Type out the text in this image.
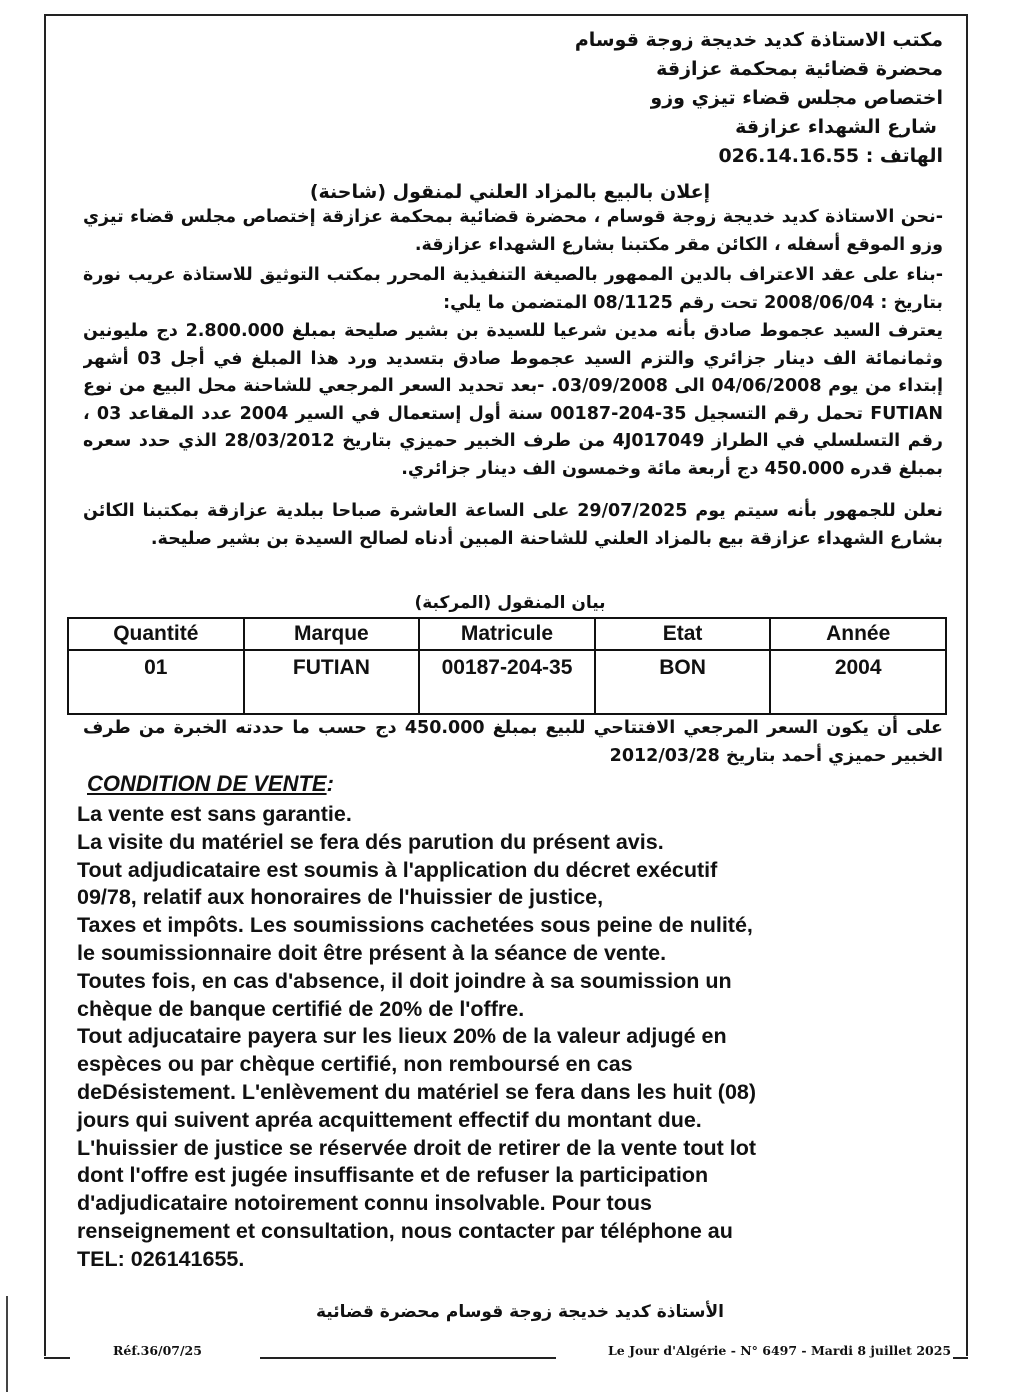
مكتب الاستاذة كديد خديجة زوجة قوسام
محضرة قضائية بمحكمة عزازقة
اختصاص مجلس قضاء تيزي وزو
شارع الشهداء عزازقة
الهاتف : 026.14.16.55
إعلان بالبيع بالمزاد العلني لمنقول (شاحنة)
-نحن الاستاذة كديد خديجة زوجة قوسام ، محضرة قضائية بمحكمة عزازقة إختصاص مجلس قضاء تيزي وزو الموقع أسفله ، الكائن مقر مكتبنا بشارع الشهداء عزازقة.
-بناء على عقد الاعتراف بالدين الممهور بالصيغة التنفيذية المحرر بمكتب التوثيق للاستاذة عريب نورة بتاريخ : 2008/06/04 تحت رقم 08/1125 المتضمن ما يلي:
يعترف السيد عجموط صادق بأنه مدين شرعيا للسيدة بن بشير صليحة بمبلغ 2.800.000 دج مليونين وثمانمائة الف دينار جزائري والتزم السيد عجموط صادق بتسديد ورد هذا المبلغ في أجل 03 أشهر إبتداء من يوم 04/06/2008 الى 03/09/2008. -بعد تحديد السعر المرجعي للشاحنة محل البيع من نوع FUTIAN تحمل رقم التسجيل 35-204-00187 سنة أول إستعمال في السير 2004 عدد المقاعد 03 ، رقم التسلسلي في الطراز 4J017049 من طرف الخبير حميزي بتاريخ 28/03/2012 الذي حدد سعره بمبلغ قدره 450.000 دج أربعة مائة وخمسون الف دينار جزائري.
نعلن للجمهور بأنه سيتم يوم 29/07/2025 على الساعة العاشرة صباحا ببلدية عزازقة بمكتبنا الكائن بشارع الشهداء عزازقة بيع بالمزاد العلني للشاحنة المبين أدناه لصالح السيدة بن بشير صليحة.
بيان المنقول (المركبة)
Quantité	Marque	Matricule	Etat	Année
01	FUTIAN	00187-204-35	BON	2004
على أن يكون السعر المرجعي الافتتاحي للبيع بمبلغ 450.000 دج حسب ما حددته الخبرة من طرف الخبير حميزي أحمد بتاريخ 2012/03/28
CONDITION DE VENTE:
La vente est sans garantie.
La visite du matériel se fera dés parution du présent avis.
Tout adjudicataire est soumis à l'application du décret exécutif
09/78, relatif aux honoraires de l'huissier de justice,
Taxes et impôts. Les soumissions cachetées sous peine de nulité,
le soumissionnaire doit être présent à la séance de vente.
Toutes fois, en cas d'absence, il doit joindre à sa soumission un
chèque de banque certifié de 20% de l'offre.
Tout adjucataire payera sur les lieux 20% de la valeur adjugé en
espèces ou par chèque certifié, non remboursé en cas
deDésistement. L'enlèvement du matériel se fera dans les huit (08)
jours qui suivent apréa acquittement effectif du montant due.
L'huissier de justice se réservée droit de retirer de la vente tout lot
dont l'offre est jugée insuffisante et de refuser la participation
d'adjudicataire notoirement connu insolvable. Pour tous
renseignement et consultation, nous contacter par téléphone au
TEL: 026141655.
الأستاذة كديد خديجة زوجة قوسام محضرة قضائية
Réf.36/07/25	Le Jour d'Algérie - N° 6497 - Mardi 8 juillet 2025
